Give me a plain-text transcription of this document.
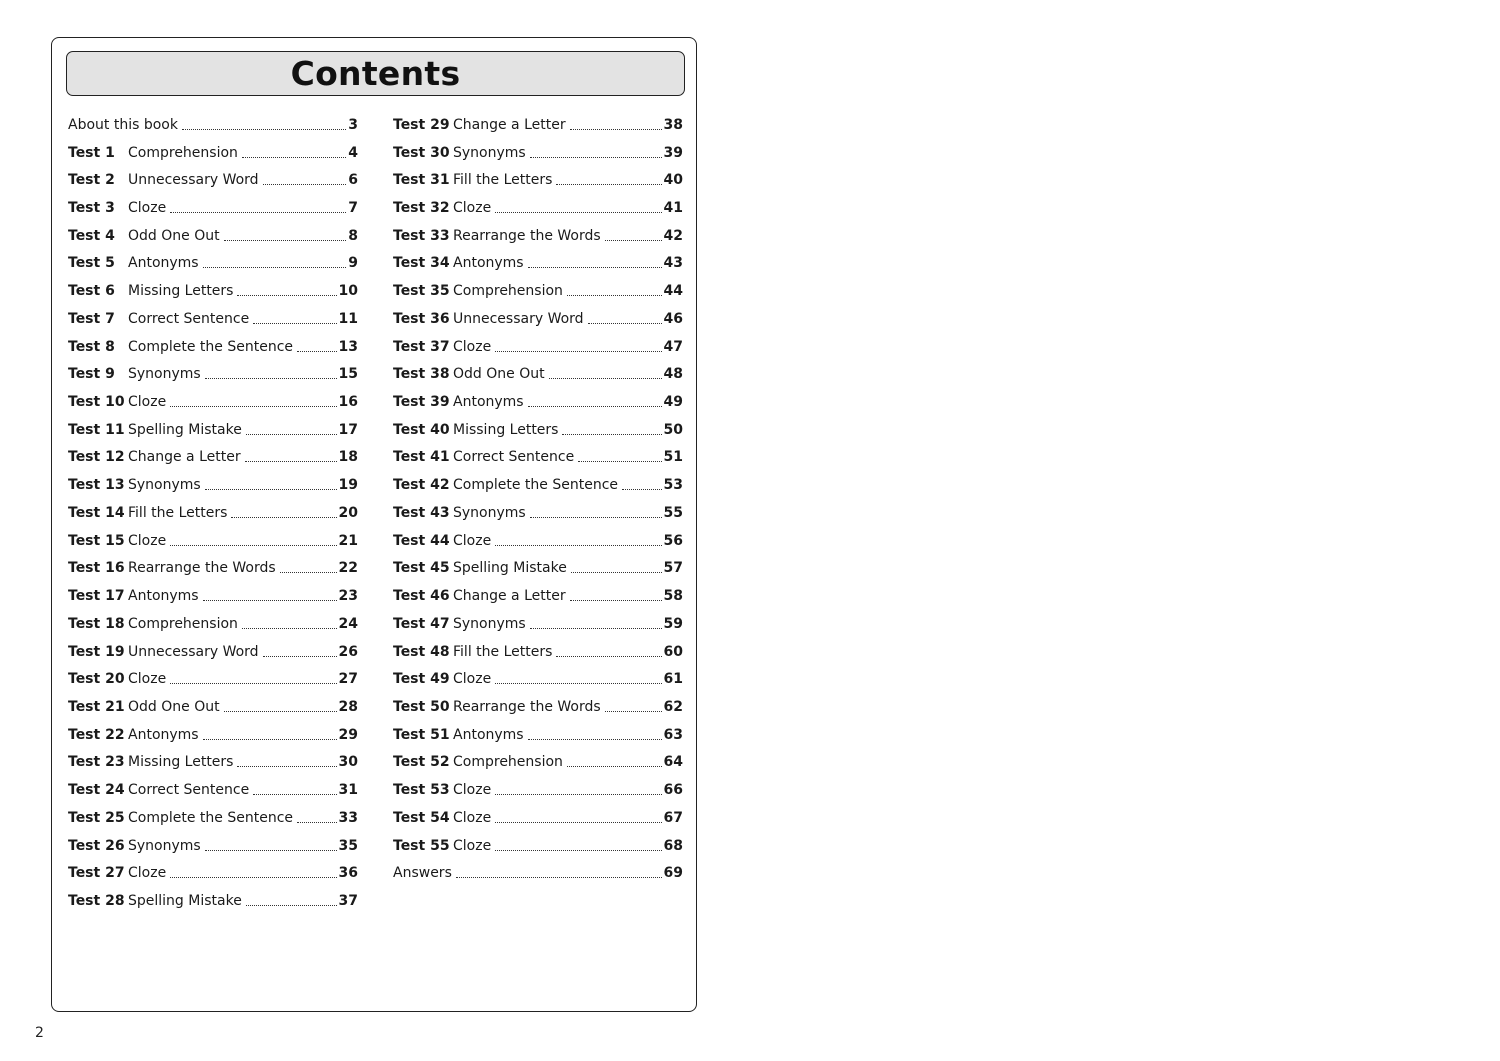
Contents
About this book	3
Test 1 Comprehension	4
Test 2 Unnecessary Word	6
Test 3 Cloze	7
Test 4 Odd One Out	8
Test 5 Antonyms	9
Test 6 Missing Letters	10
Test 7 Correct Sentence	11
Test 8 Complete the Sentence	13
Test 9 Synonyms	15
Test 10 Cloze	16
Test 11 Spelling Mistake	17
Test 12 Change a Letter	18
Test 13 Synonyms	19
Test 14 Fill the Letters	20
Test 15 Cloze	21
Test 16 Rearrange the Words	22
Test 17 Antonyms	23
Test 18 Comprehension	24
Test 19 Unnecessary Word	26
Test 20 Cloze	27
Test 21 Odd One Out	28
Test 22 Antonyms	29
Test 23 Missing Letters	30
Test 24 Correct Sentence	31
Test 25 Complete the Sentence	33
Test 26 Synonyms	35
Test 27 Cloze	36
Test 28 Spelling Mistake	37
Test 29 Change a Letter	38
Test 30 Synonyms	39
Test 31 Fill the Letters	40
Test 32 Cloze	41
Test 33 Rearrange the Words	42
Test 34 Antonyms	43
Test 35 Comprehension	44
Test 36 Unnecessary Word	46
Test 37 Cloze	47
Test 38 Odd One Out	48
Test 39 Antonyms	49
Test 40 Missing Letters	50
Test 41 Correct Sentence	51
Test 42 Complete the Sentence	53
Test 43 Synonyms	55
Test 44 Cloze	56
Test 45 Spelling Mistake	57
Test 46 Change a Letter	58
Test 47 Synonyms	59
Test 48 Fill the Letters	60
Test 49 Cloze	61
Test 50 Rearrange the Words	62
Test 51 Antonyms	63
Test 52 Comprehension	64
Test 53 Cloze	66
Test 54 Cloze	67
Test 55 Cloze	68
Answers	69
2
